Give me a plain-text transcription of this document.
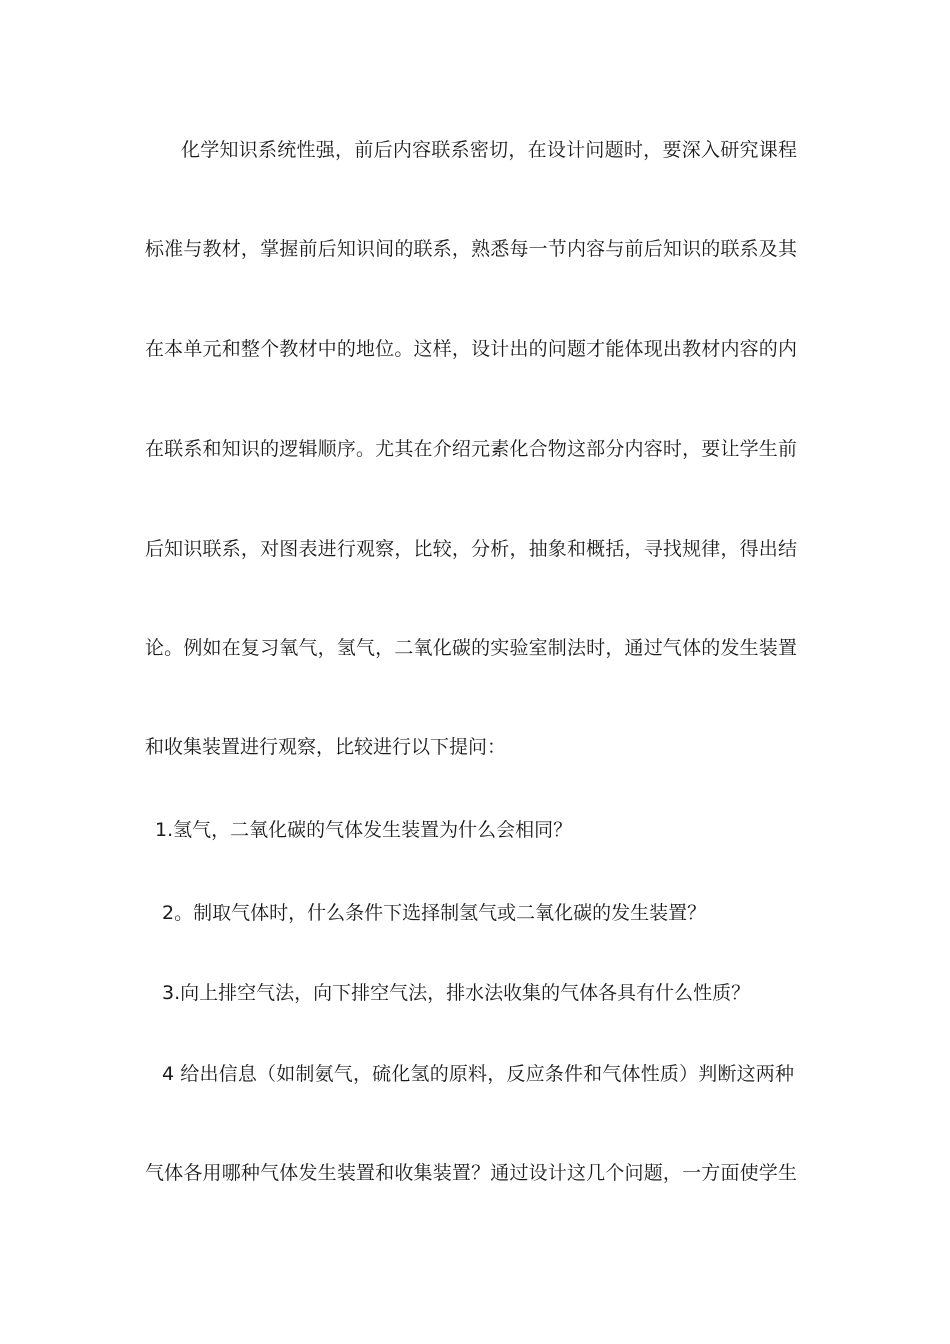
化学知识系统性强，前后内容联系密切，在设计问题时，要深入研究课程
标准与教材，掌握前后知识间的联系，熟悉每一节内容与前后知识的联系及其
在本单元和整个教材中的地位。这样，设计出的问题才能体现出教材内容的内
在联系和知识的逻辑顺序。尤其在介绍元素化合物这部分内容时，要让学生前
后知识联系，对图表进行观察，比较，分析，抽象和概括，寻找规律，得出结
论。例如在复习氧气，氢气，二氧化碳的实验室制法时，通过气体的发生装置
和收集装置进行观察，比较进行以下提问：
1.氢气，二氧化碳的气体发生装置为什么会相同？
2。制取气体时，什么条件下选择制氢气或二氧化碳的发生装置？
3.向上排空气法，向下排空气法，排水法收集的气体各具有什么性质？
4 给出信息（如制氨气，硫化氢的原料，反应条件和气体性质）判断这两种
气体各用哪种气体发生装置和收集装置？通过设计这几个问题，一方面使学生
